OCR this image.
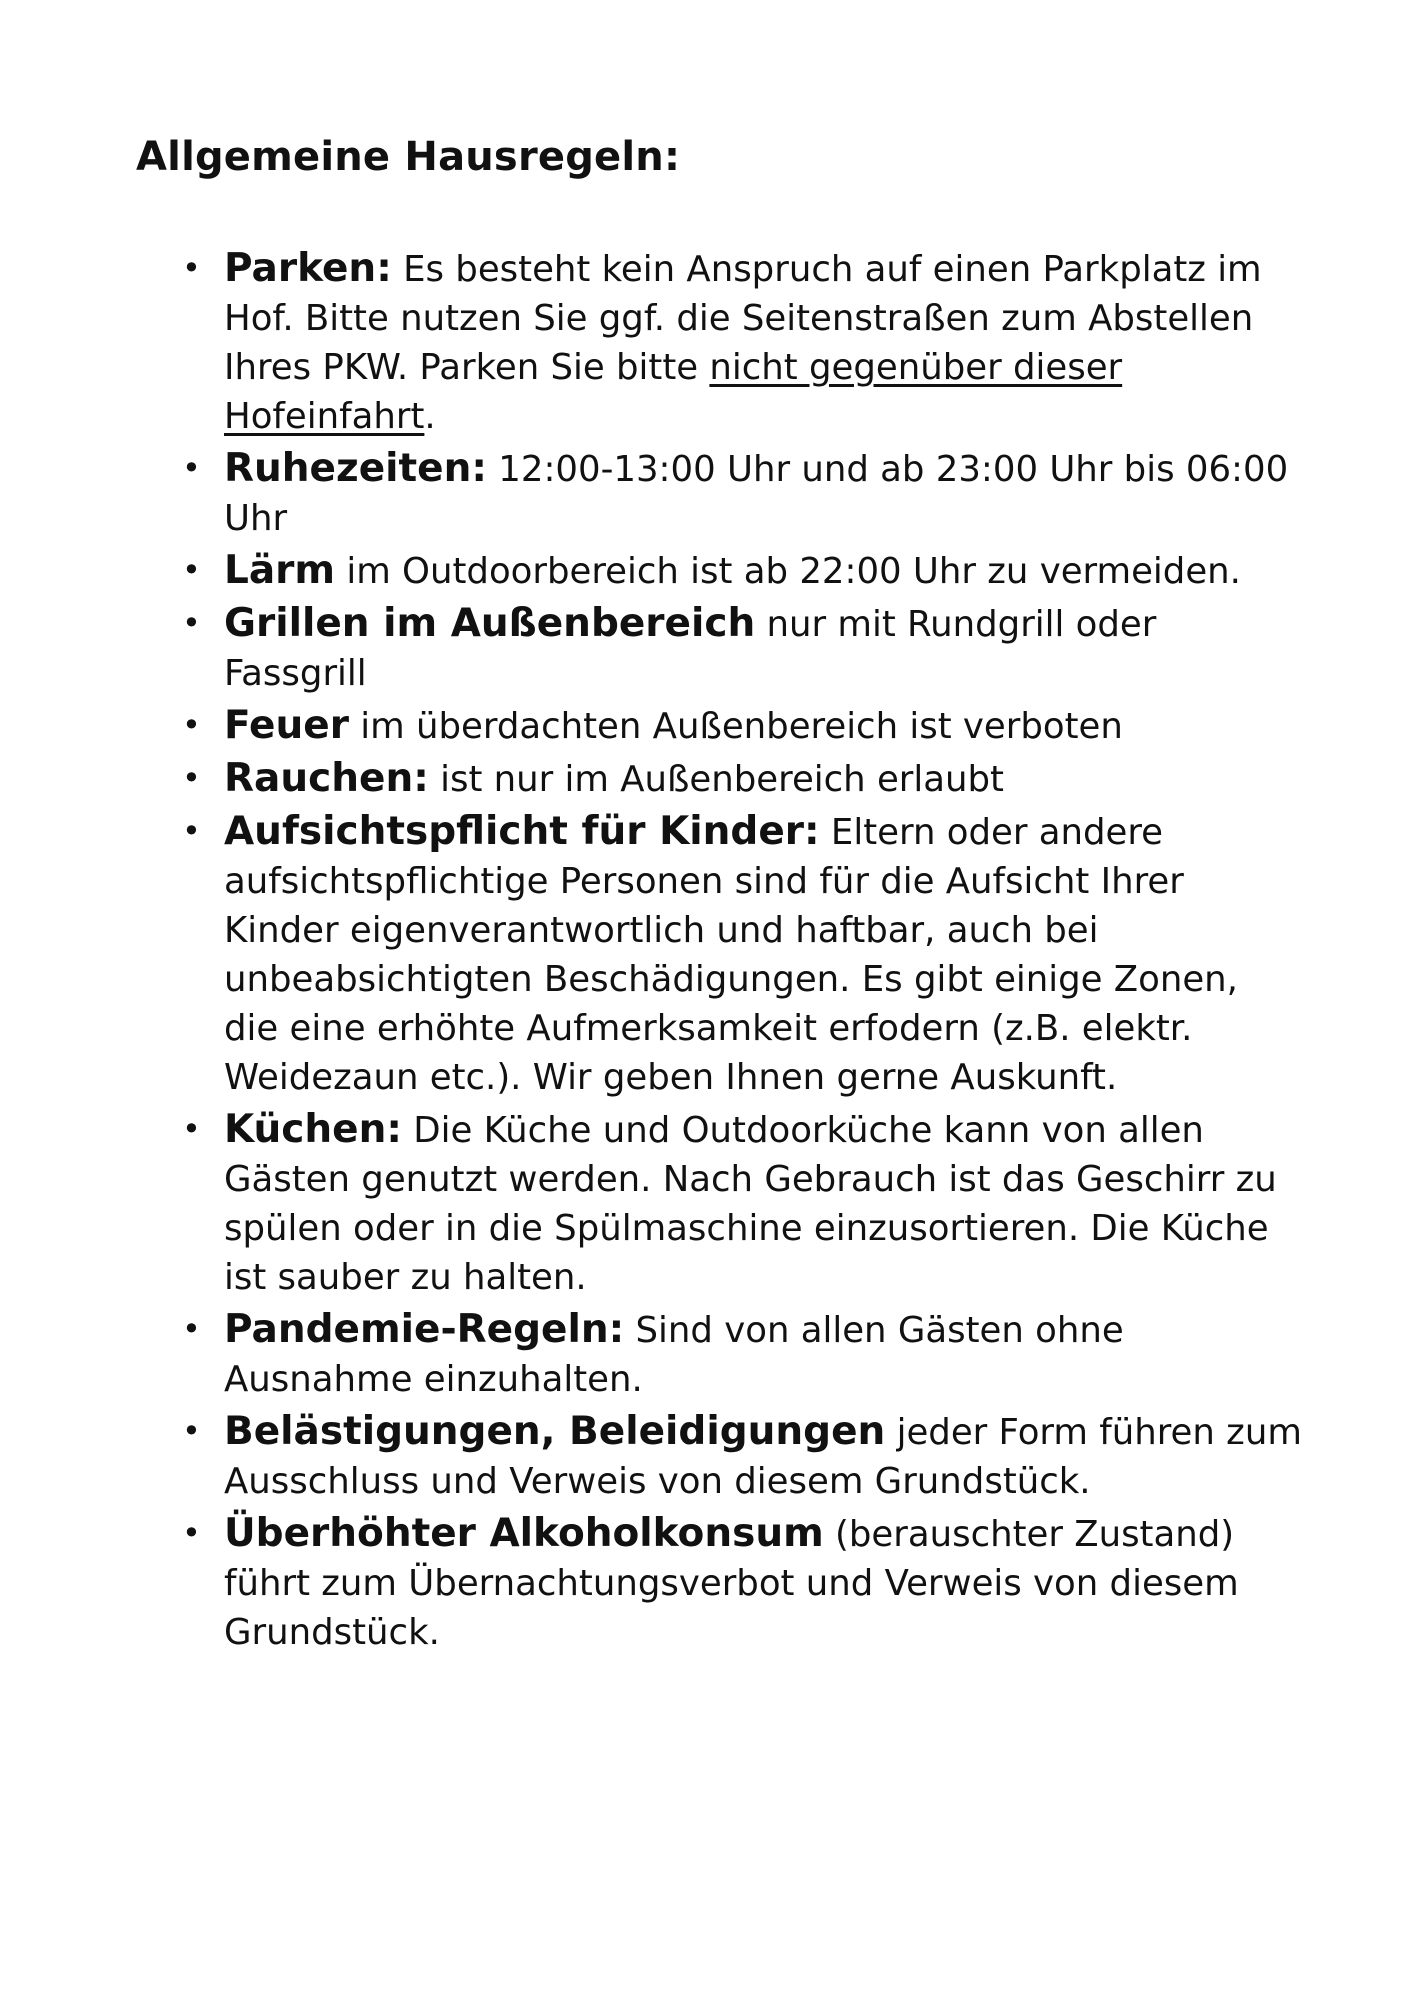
Allgemeine Hausregeln:
• Parken: Es besteht kein Anspruch auf einen Parkplatz im Hof. Bitte nutzen Sie ggf. die Seitenstraßen zum Abstellen Ihres PKW. Parken Sie bitte nicht gegenüber dieser Hofeinfahrt.
• Ruhezeiten: 12:00-13:00 Uhr und ab 23:00 Uhr bis 06:00 Uhr
• Lärm im Outdoorbereich ist ab 22:00 Uhr zu vermeiden.
• Grillen im Außenbereich nur mit Rundgrill oder Fassgrill
• Feuer im überdachten Außenbereich ist verboten
• Rauchen: ist nur im Außenbereich erlaubt
• Aufsichtspflicht für Kinder: Eltern oder andere aufsichtspflichtige Personen sind für die Aufsicht Ihrer Kinder eigenverantwortlich und haftbar, auch bei unbeabsichtigten Beschädigungen. Es gibt einige Zonen, die eine erhöhte Aufmerksamkeit erfodern (z.B. elektr. Weidezaun etc.). Wir geben Ihnen gerne Auskunft.
• Küchen: Die Küche und Outdoorküche kann von allen Gästen genutzt werden. Nach Gebrauch ist das Geschirr zu spülen oder in die Spülmaschine einzusortieren. Die Küche ist sauber zu halten.
• Pandemie-Regeln: Sind von allen Gästen ohne Ausnahme einzuhalten.
• Belästigungen, Beleidigungen jeder Form führen zum Ausschluss und Verweis von diesem Grundstück.
• Überhöhter Alkoholkonsum (berauschter Zustand) führt zum Übernachtungsverbot und Verweis von diesem Grundstück.
